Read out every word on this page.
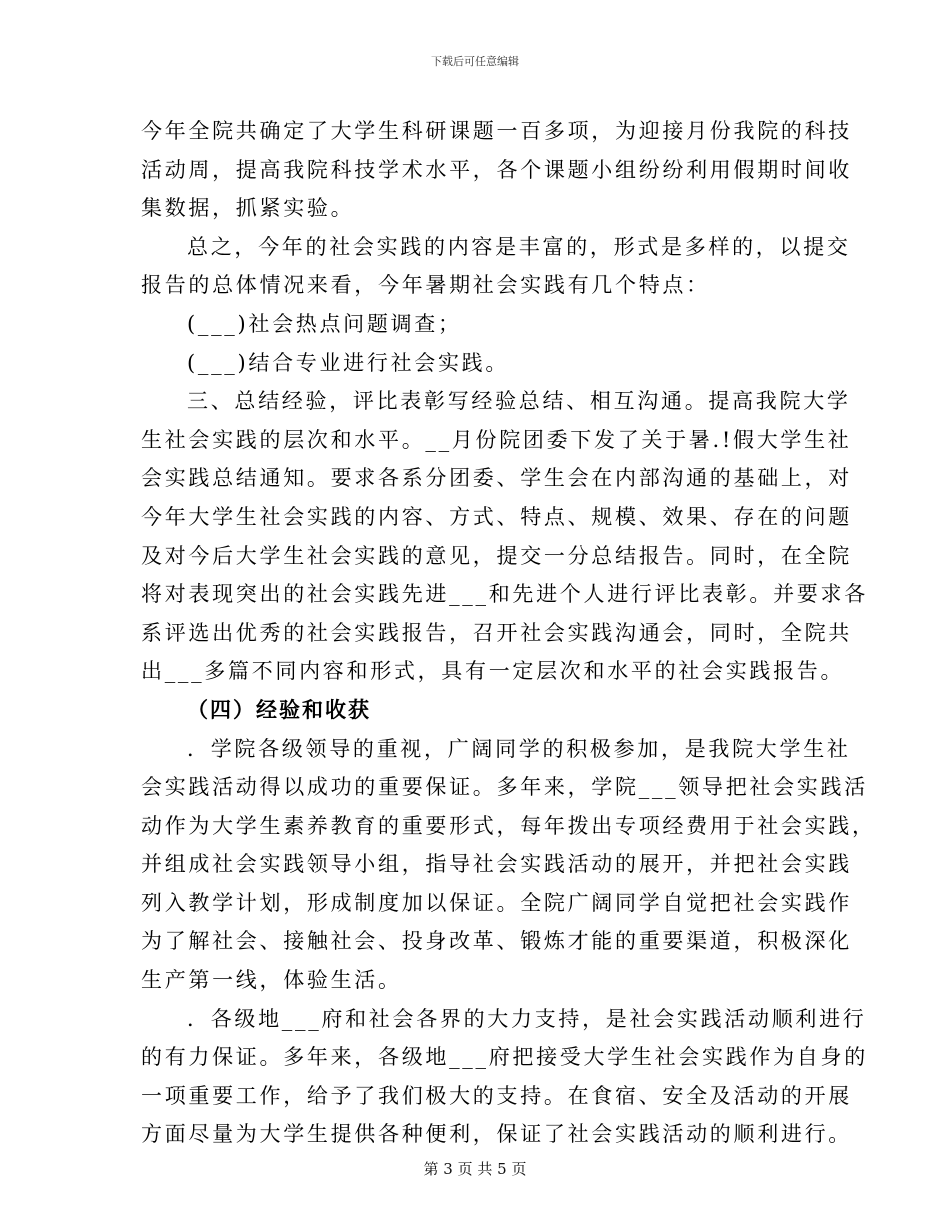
下载后可任意编辑
今年全院共确定了大学生科研课题一百多项，为迎接月份我院的科技
活动周，提高我院科技学术水平，各个课题小组纷纷利用假期时间收
集数据，抓紧实验。
总之，今年的社会实践的内容是丰富的，形式是多样的，以提交
报告的总体情况来看，今年暑期社会实践有几个特点：
(___)社会热点问题调查；
(___)结合专业进行社会实践。
三、总结经验，评比表彰写经验总结、相互沟通。提高我院大学
生社会实践的层次和水平。__月份院团委下发了关于暑.!假大学生社
会实践总结通知。要求各系分团委、学生会在内部沟通的基础上，对
今年大学生社会实践的内容、方式、特点、规模、效果、存在的问题
及对今后大学生社会实践的意见，提交一分总结报告。同时，在全院
将对表现突出的社会实践先进___和先进个人进行评比表彰。并要求各
系评选出优秀的社会实践报告，召开社会实践沟通会，同时，全院共
出___多篇不同内容和形式，具有一定层次和水平的社会实践报告。
（四）经验和收获
．学院各级领导的重视，广阔同学的积极参加，是我院大学生社
会实践活动得以成功的重要保证。多年来，学院___领导把社会实践活
动作为大学生素养教育的重要形式，每年拨出专项经费用于社会实践，
并组成社会实践领导小组，指导社会实践活动的展开，并把社会实践
列入教学计划，形成制度加以保证。全院广阔同学自觉把社会实践作
为了解社会、接触社会、投身改革、锻炼才能的重要渠道，积极深化
生产第一线，体验生活。
．各级地___府和社会各界的大力支持，是社会实践活动顺利进行
的有力保证。多年来，各级地___府把接受大学生社会实践作为自身的
一项重要工作，给予了我们极大的支持。在食宿、安全及活动的开展
方面尽量为大学生提供各种便利，保证了社会实践活动的顺利进行。
第 3 页 共 5 页
